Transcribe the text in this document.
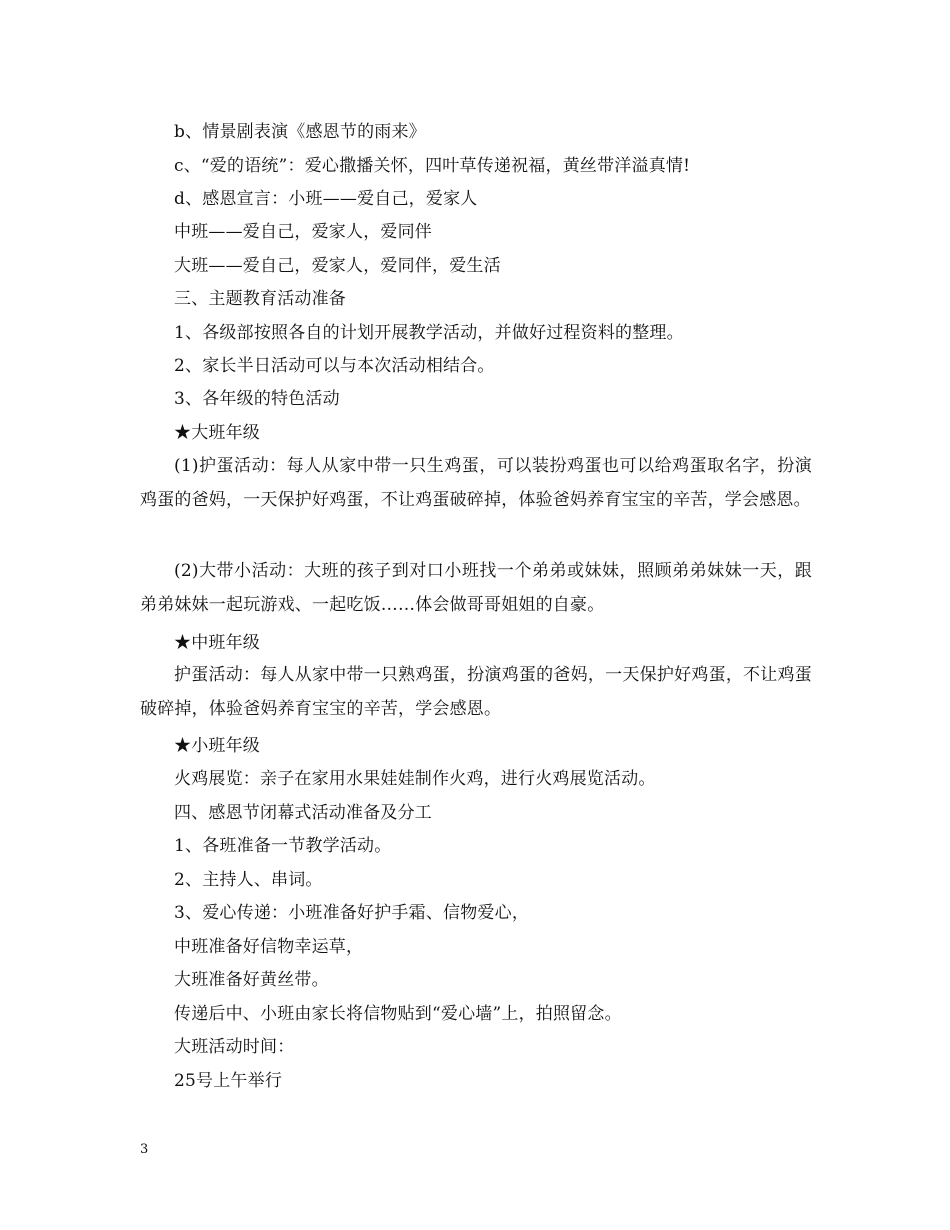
b、情景剧表演《感恩节的雨来》
c、“爱的语统”：爱心撒播关怀，四叶草传递祝福，黄丝带洋溢真情!
d、感恩宣言：小班——爱自己，爱家人
中班——爱自己，爱家人，爱同伴
大班——爱自己，爱家人，爱同伴，爱生活
三、主题教育活动准备
1、各级部按照各自的计划开展教学活动，并做好过程资料的整理。
2、家长半日活动可以与本次活动相结合。
3、各年级的特色活动
★大班年级
(1)护蛋活动：每人从家中带一只生鸡蛋，可以装扮鸡蛋也可以给鸡蛋取名字，扮演鸡蛋的爸妈，一天保护好鸡蛋，不让鸡蛋破碎掉，体验爸妈养育宝宝的辛苦，学会感恩。
(2)大带小活动：大班的孩子到对口小班找一个弟弟或妹妹，照顾弟弟妹妹一天，跟弟弟妹妹一起玩游戏、一起吃饭……体会做哥哥姐姐的自豪。
★中班年级
护蛋活动：每人从家中带一只熟鸡蛋，扮演鸡蛋的爸妈，一天保护好鸡蛋，不让鸡蛋破碎掉，体验爸妈养育宝宝的辛苦，学会感恩。
★小班年级
火鸡展览：亲子在家用水果娃娃制作火鸡，进行火鸡展览活动。
四、感恩节闭幕式活动准备及分工
1、各班准备一节教学活动。
2、主持人、串词。
3、爱心传递：小班准备好护手霜、信物爱心，
中班准备好信物幸运草，
大班准备好黄丝带。
传递后中、小班由家长将信物贴到“爱心墙”上，拍照留念。
大班活动时间：
25号上午举行
3
